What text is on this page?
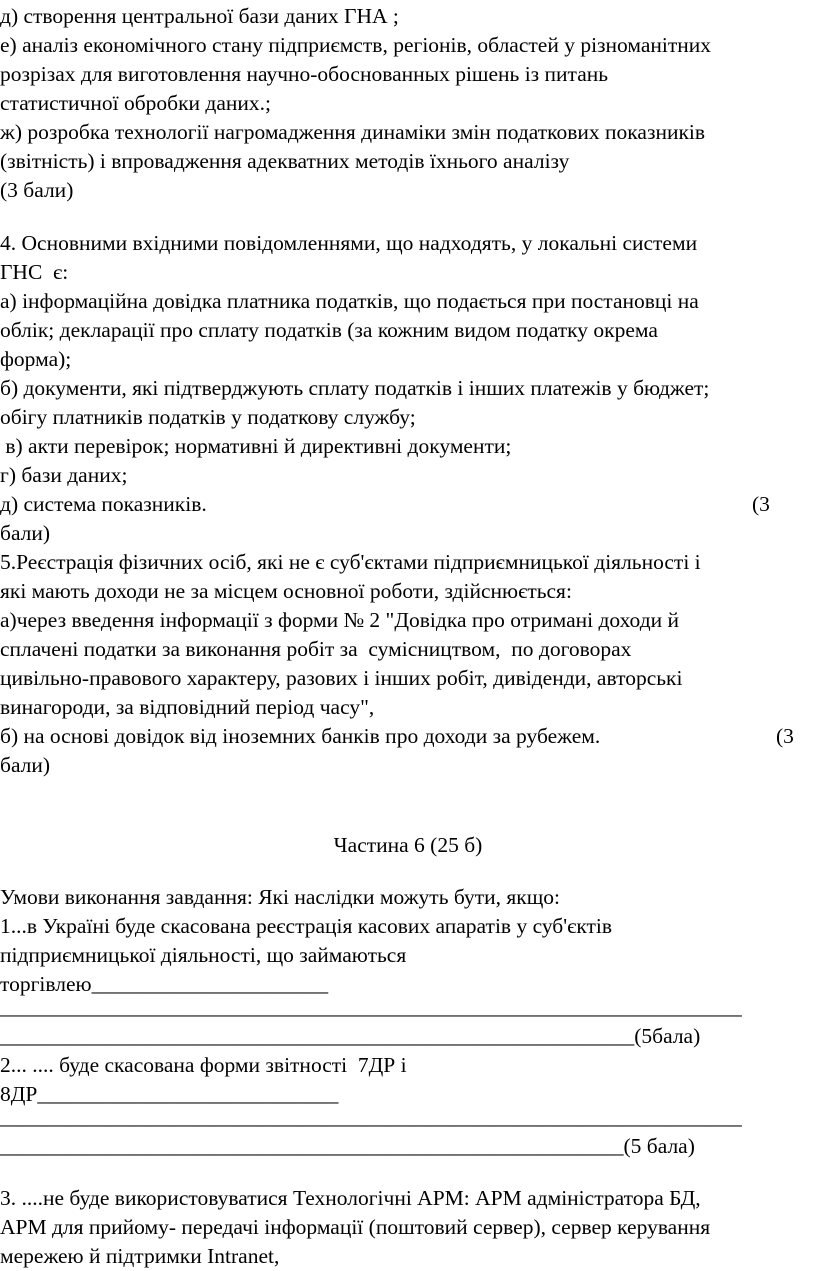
д) створення центральної бази даних ГНА ;
е) аналіз економічного стану підприємств, регіонів, областей у різноманітних
розрізах для виготовлення научно-обоснованных рішень із питань
статистичної обробки даних.;
ж) розробка технології нагромадження динаміки змін податкових показників
(звітність) і впровадження адекватних методів їхнього аналізу
(3 бали)
4. Основними вхідними повідомленнями, що надходять, у локальні системи
ГНС  є:
а) інформаційна довідка платника податків, що подається при постановці на
облік; декларації про сплату податків (за кожним видом податку окрема
форма);
б) документи, які підтверджують сплату податків і інших платежів у бюджет;
обігу платників податків у податкову службу;
в) акти перевірок; нормативні й директивні документи;
г) бази даних;
д) система показників.	(3
бали)
5.Реєстрація фізичних осіб, які не є суб'єктами підприємницької діяльності і
які мають доходи не за місцем основної роботи, здійснюється:
а)через введення інформації з форми № 2 "Довідка про отримані доходи й
сплачені податки за виконання робіт за  сумісництвом,  по договорах
цивільно-правового характеру, разових і інших робіт, дивіденди, авторські
винагороди, за відповідний період часу",
б) на основі довідок від іноземних банків про доходи за рубежем.	(3
бали)
Частина 6 (25 б)
Умови виконання завдання: Які наслідки можуть бути, якщо:
1...в Україні буде скасована реєстрація касових апаратів у суб'єктів
підприємницької діяльності, що займаються
торгівлею______________________
_____________________________________________________________________
___________________________________________________________(5бала)
2... .... буде скасована форми звітності  7ДР і
8ДР____________________________
_____________________________________________________________________
__________________________________________________________(5 бала)
3. ....не буде використовуватися Технологічні АРМ: АРМ адміністратора БД,
АРМ для прийому- передачі інформації (поштовий сервер), сервер керування
мережею й підтримки Intranet,
